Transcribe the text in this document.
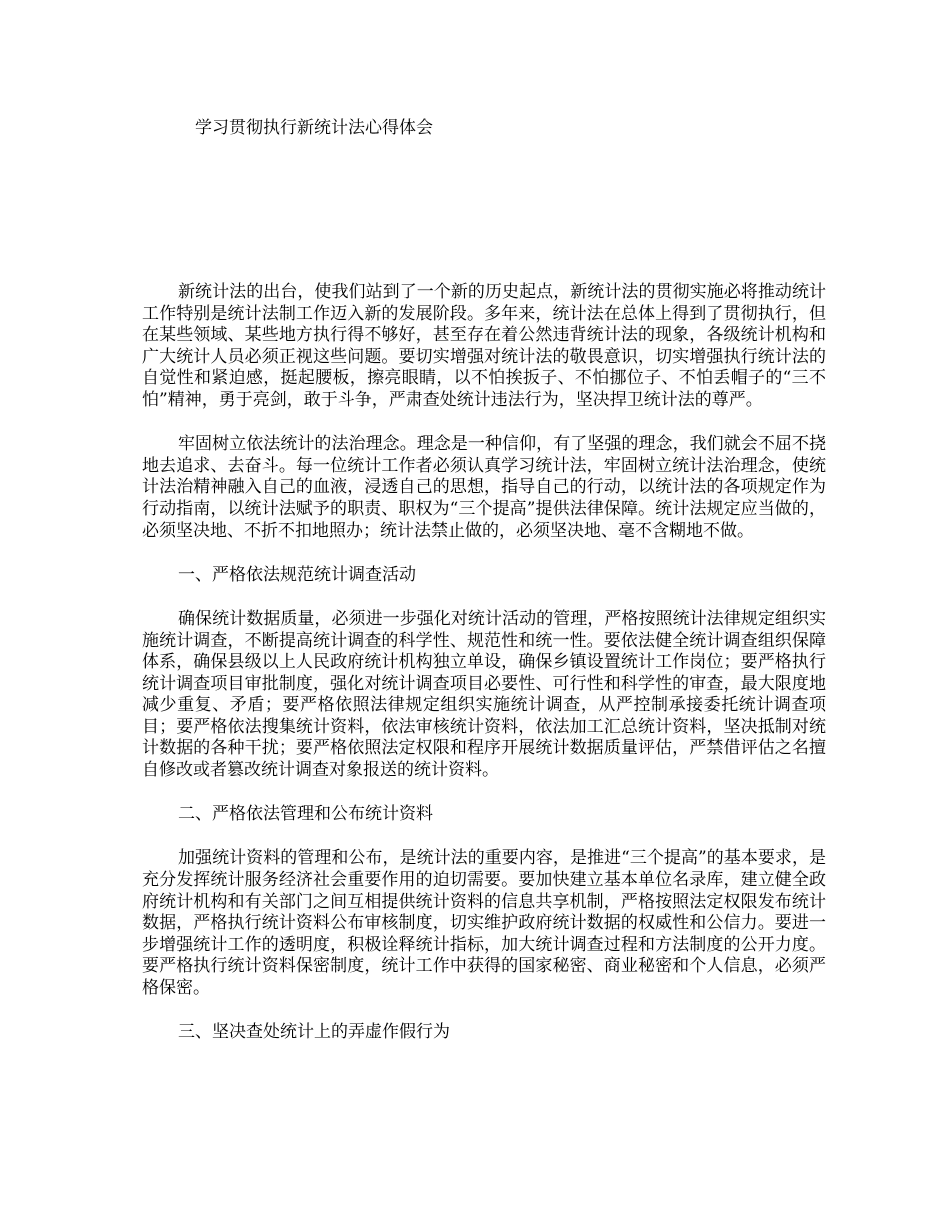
学习贯彻执行新统计法心得体会

新统计法的出台，使我们站到了一个新的历史起点，新统计法的贯彻实施必将推动统计工作特别是统计法制工作迈入新的发展阶段。多年来，统计法在总体上得到了贯彻执行，但在某些领域、某些地方执行得不够好，甚至存在着公然违背统计法的现象，各级统计机构和广大统计人员必须正视这些问题。要切实增强对统计法的敬畏意识，切实增强执行统计法的自觉性和紧迫感，挺起腰板，擦亮眼睛，以不怕挨扳子、不怕挪位子、不怕丢帽子的“三不怕”精神，勇于亮剑，敢于斗争，严肃查处统计违法行为，坚决捍卫统计法的尊严。

牢固树立依法统计的法治理念。理念是一种信仰，有了坚强的理念，我们就会不屈不挠地去追求、去奋斗。每一位统计工作者必须认真学习统计法，牢固树立统计法治理念，使统计法治精神融入自己的血液，浸透自己的思想，指导自己的行动，以统计法的各项规定作为行动指南，以统计法赋予的职责、职权为“三个提高”提供法律保障。统计法规定应当做的，必须坚决地、不折不扣地照办；统计法禁止做的，必须坚决地、毫不含糊地不做。

一、严格依法规范统计调查活动

确保统计数据质量，必须进一步强化对统计活动的管理，严格按照统计法律规定组织实施统计调查，不断提高统计调查的科学性、规范性和统一性。要依法健全统计调查组织保障体系，确保县级以上人民政府统计机构独立单设，确保乡镇设置统计工作岗位；要严格执行统计调查项目审批制度，强化对统计调查项目必要性、可行性和科学性的审查，最大限度地减少重复、矛盾；要严格依照法律规定组织实施统计调查，从严控制承接委托统计调查项目；要严格依法搜集统计资料，依法审核统计资料，依法加工汇总统计资料，坚决抵制对统计数据的各种干扰；要严格依照法定权限和程序开展统计数据质量评估，严禁借评估之名擅自修改或者篡改统计调查对象报送的统计资料。

二、严格依法管理和公布统计资料

加强统计资料的管理和公布，是统计法的重要内容，是推进“三个提高”的基本要求，是充分发挥统计服务经济社会重要作用的迫切需要。要加快建立基本单位名录库，建立健全政府统计机构和有关部门之间互相提供统计资料的信息共享机制，严格按照法定权限发布统计数据，严格执行统计资料公布审核制度，切实维护政府统计数据的权威性和公信力。要进一步增强统计工作的透明度，积极诠释统计指标，加大统计调查过程和方法制度的公开力度。要严格执行统计资料保密制度，统计工作中获得的国家秘密、商业秘密和个人信息，必须严格保密。

三、坚决查处统计上的弄虚作假行为
